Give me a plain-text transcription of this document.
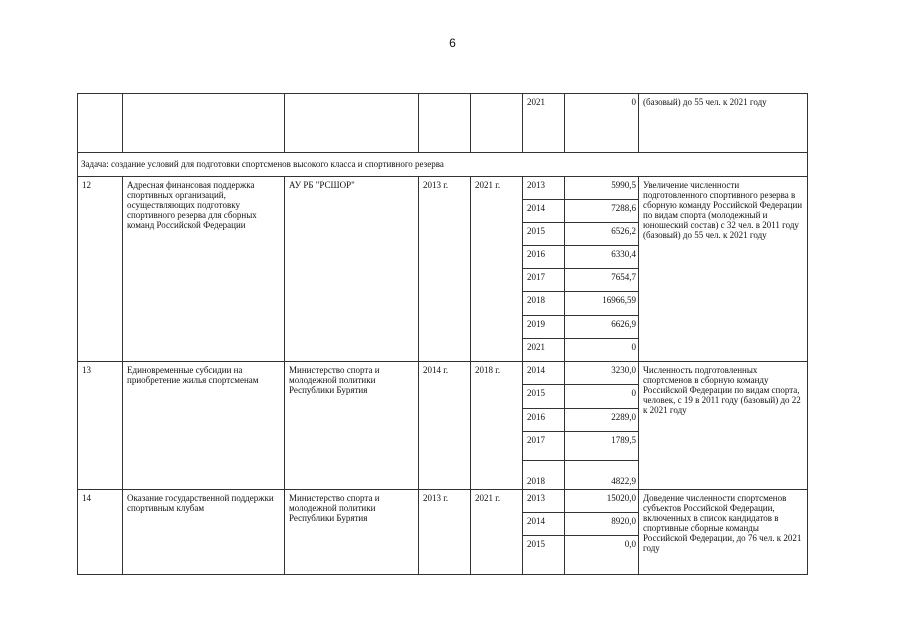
6
					2021	0	(базовый) до 55 чел. к 2021 году
Задача: создание условий для подготовки спортсменов высокого класса и спортивного резерва							
12	Адресная финансовая поддержка спортивных организаций, осуществляющих подготовку спортивного резерва для сборных команд Российской Федерации	АУ РБ "РСШОР"	2013 г.	2021 г.	2013	5990,5	Увеличение численности подготовленного спортивного резерва в сборную команду Российской Федерации по видам спорта (молодежный и юношеский состав) с 32 чел. в 2011 году (базовый) до 55 чел. к 2021 году
					2014	7288,6	
					2015	6526,2	
					2016	6330,4	
					2017	7654,7	
					2018	16966,59	
					2019	6626,9	
					2021	0	
13	Единовременные субсидии на приобретение жилья спортсменам	Министерство спорта и молодежной политики Республики Бурятия	2014 г.	2018 г.	2014	3230,0	Численность подготовленных спортсменов в сборную команду Российской Федерации по видам спорта, человек, с 19 в 2011 году (базовый) до 22 к 2021 году
					2015	0	
					2016	2289,0	
					2017	1789,5	
					2018	4822,9	
14	Оказание государственной поддержки спортивным клубам	Министерство спорта и молодежной политики Республики Бурятия	2013 г.	2021 г.	2013	15020,0	Доведение численности спортсменов субъектов Российской Федерации, включенных в список кандидатов в спортивные сборные команды Российской Федерации, до 76 чел. к 2021 году
					2014	8920,0	
					2015	0,0	
